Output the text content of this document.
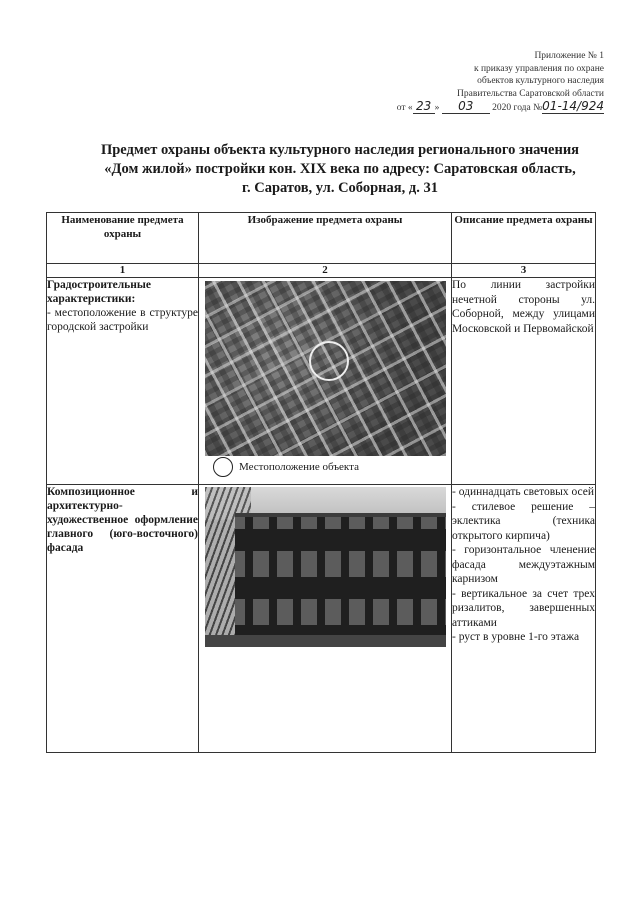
Приложение № 1
к приказу управления по охране
объектов культурного наследия
Правительства Саратовской области
от « 23 » 03 2020 года №01-14/924
Предмет охраны объекта культурного наследия регионального значения
«Дом жилой» постройки кон. XIX века по адресу: Саратовская область,
г. Саратов, ул. Соборная, д. 31
Наименование предмета охраны	Изображение предмета охраны	Описание предмета охраны
1	2	3

Градостроительные характеристики:
- местоположение в структуре городской застройки	Местоположение объекта	По линии застройки нечетной стороны ул. Соборной, между улицами Московской и Первомайской

Композиционное и архитектурно-художественное оформление главного (юго-восточного) фасада		- одиннадцать световых осей
- стилевое решение – эклектика (техника открытого кирпича)
- горизонтальное членение фасада междуэтажным карнизом
- вертикальное за счет трех ризалитов, завершенных аттиками
- руст в уровне 1-го этажа
